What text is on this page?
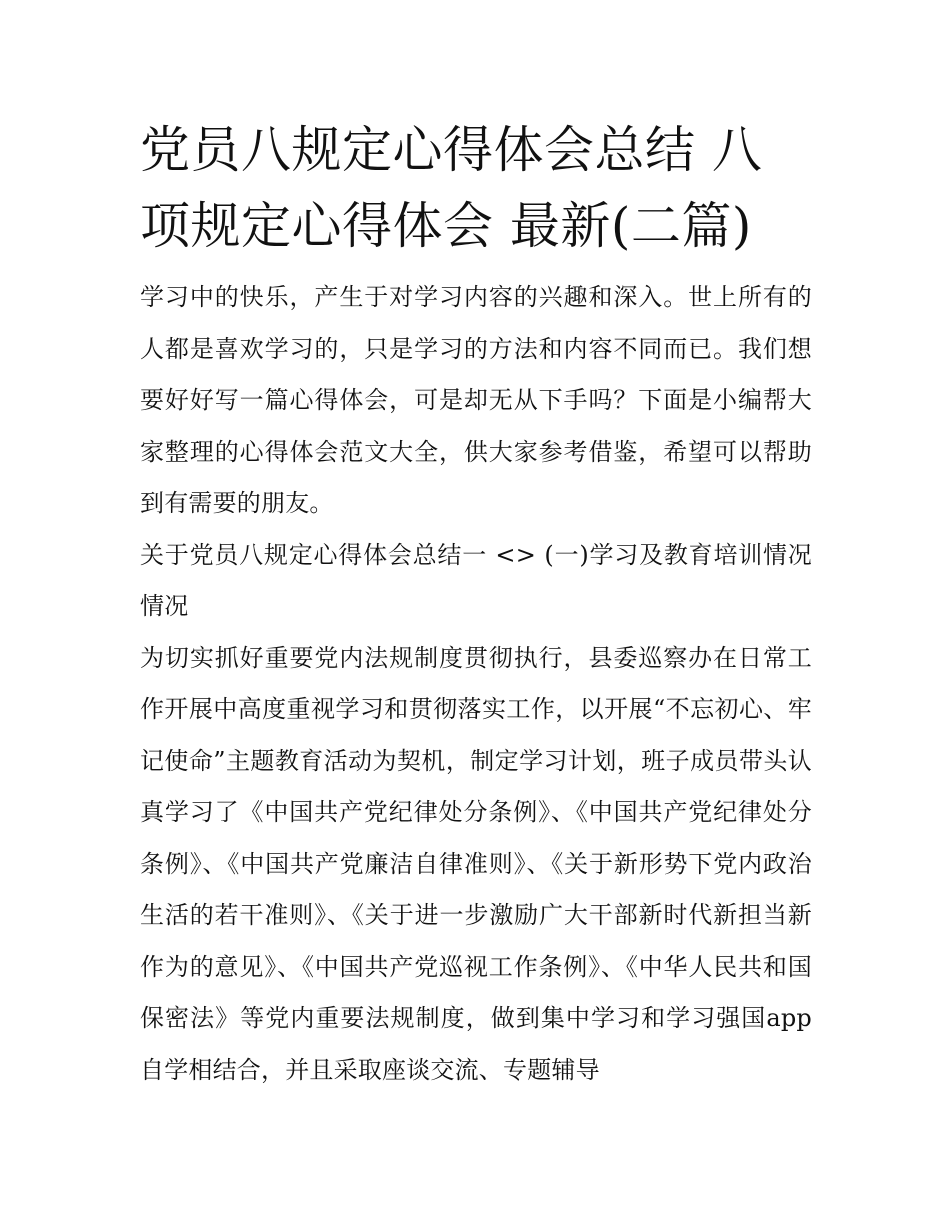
党员八规定心得体会总结 八项规定心得体会 最新(二篇)

学习中的快乐，产生于对学习内容的兴趣和深入。世上所有的人都是喜欢学习的，只是学习的方法和内容不同而已。我们想要好好写一篇心得体会，可是却无从下手吗？下面是小编帮大家整理的心得体会范文大全，供大家参考借鉴，希望可以帮助到有需要的朋友。

关于党员八规定心得体会总结一 <> (一)学习及教育培训情况情况

为切实抓好重要党内法规制度贯彻执行，县委巡察办在日常工作开展中高度重视学习和贯彻落实工作，以开展“不忘初心、牢记使命”主题教育活动为契机，制定学习计划，班子成员带头认真学习了《中国共产党纪律处分条例》、《中国共产党纪律处分条例》、《中国共产党廉洁自律准则》、《关于新形势下党内政治生活的若干准则》、《关于进一步激励广大干部新时代新担当新作为的意见》、《中国共产党巡视工作条例》、《中华人民共和国保密法》等党内重要法规制度，做到集中学习和学习强国app自学相结合，并且采取座谈交流、专题辅导
